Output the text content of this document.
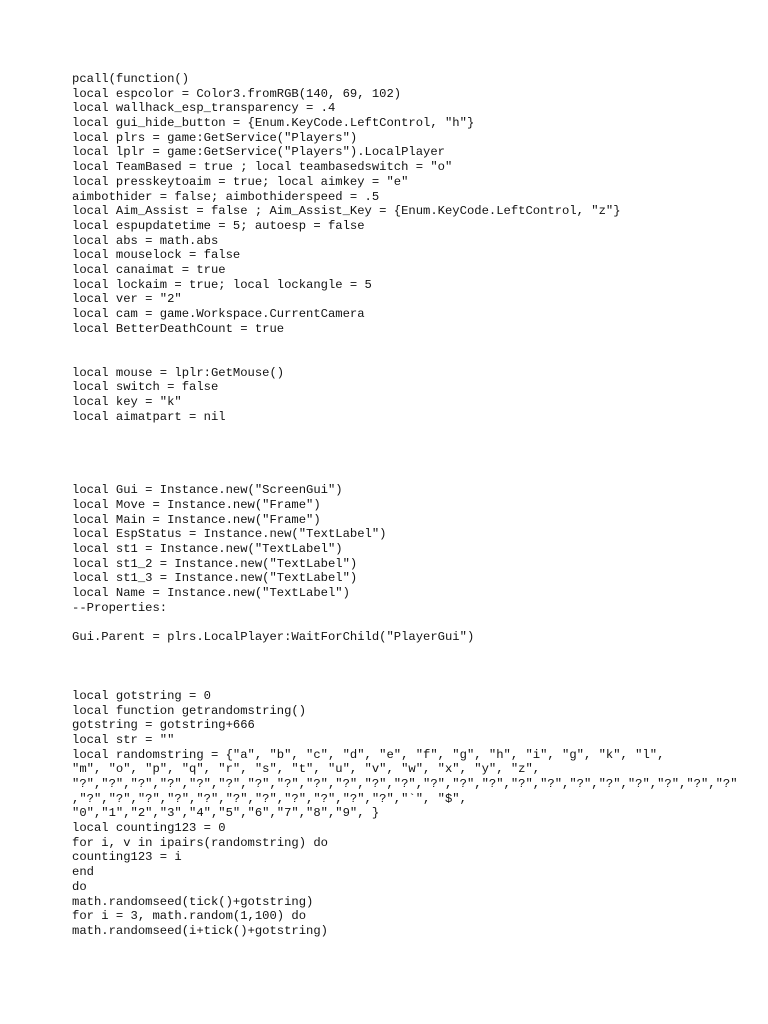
pcall(function()
local espcolor = Color3.fromRGB(140, 69, 102)
local wallhack_esp_transparency = .4
local gui_hide_button = {Enum.KeyCode.LeftControl, "h"}
local plrs = game:GetService("Players")
local lplr = game:GetService("Players").LocalPlayer
local TeamBased = true ; local teambasedswitch = "o"
local presskeytoaim = true; local aimkey = "e"
aimbothider = false; aimbothiderspeed = .5
local Aim_Assist = false ; Aim_Assist_Key = {Enum.KeyCode.LeftControl, "z"}
local espupdatetime = 5; autoesp = false
local abs = math.abs
local mouselock = false
local canaimat = true
local lockaim = true; local lockangle = 5
local ver = "2"
local cam = game.Workspace.CurrentCamera
local BetterDeathCount = true
local mouse = lplr:GetMouse()
local switch = false
local key = "k"
local aimatpart = nil
local Gui = Instance.new("ScreenGui")
local Move = Instance.new("Frame")
local Main = Instance.new("Frame")
local EspStatus = Instance.new("TextLabel")
local st1 = Instance.new("TextLabel")
local st1_2 = Instance.new("TextLabel")
local st1_3 = Instance.new("TextLabel")
local Name = Instance.new("TextLabel")
--Properties:
Gui.Parent = plrs.LocalPlayer:WaitForChild("PlayerGui")
local gotstring = 0
local function getrandomstring()
gotstring = gotstring+666
local str = ""
local randomstring = {"a", "b", "c", "d", "e", "f", "g", "h", "i", "g", "k", "l",
"m", "o", "p", "q", "r", "s", "t", "u", "v", "w", "x", "y", "z",
"?","?","?","?","?","?","?","?","?","?","?","?","?","?","?","?","?","?","?","?","?","?","?"
,"?","?","?","?","?","?","?","?","?","?","?","`", "$",
"0","1","2","3","4","5","6","7","8","9", }
local counting123 = 0
for i, v in ipairs(randomstring) do
counting123 = i
end
do
math.randomseed(tick()+gotstring)
for i = 3, math.random(1,100) do
math.randomseed(i+tick()+gotstring)
